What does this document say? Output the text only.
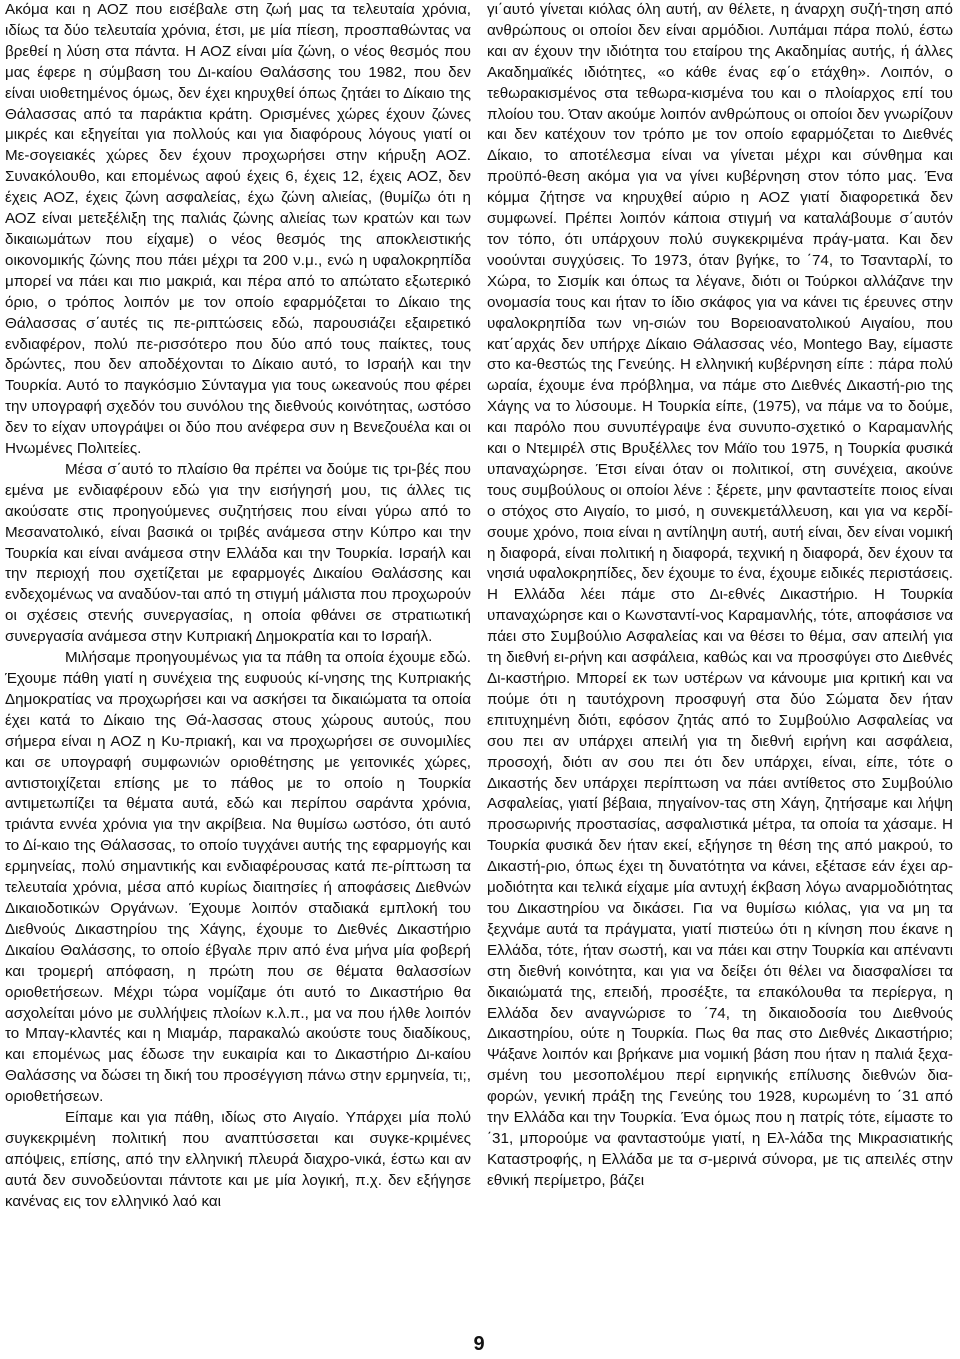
Ακόμα και η ΑΟΖ που εισέβαλε στη ζωή μας τα τελευταία χρόνια, ιδίως τα δύο τελευταία χρόνια, έτσι, με μία πίεση, προσπαθώντας να βρεθεί η λύση στα πάντα. Η ΑΟΖ είναι μία ζώνη, ο νέος θεσμός που μας έφερε η σύμβαση του Δι-καίου Θαλάσσης του 1982, που δεν είναι υιοθετημένος όμως, δεν έχει κηρυχθεί όπως ζητάει το Δίκαιο της Θάλασσας από τα παράκτια κράτη. Ορισμένες χώρες έχουν ζώνες μικρές και εξηγείται για πολλούς και για διαφόρους λόγους γιατί οι Με-σογειακές χώρες δεν έχουν προχωρήσει στην κήρυξη ΑΟΖ. Συνακόλουθο, και επομένως αφού έχεις 6, έχεις 12, έχεις ΑΟΖ, δεν έχεις ΑΟΖ, έχεις ζώνη ασφαλείας, έχω ζώνη αλιείας, (θυμίζω ότι η ΑΟΖ είναι μετεξέλιξη της παλιάς ζώνης αλιείας των κρατών και των δικαιωμάτων που είχαμε) ο νέος θεσμός της αποκλειστικής οικονομικής ζώνης που πάει μέχρι τα 200 ν.μ., ενώ η υφαλοκρηπίδα μπορεί να πάει και πιο μακριά, και πέρα από το απώτατο εξωτερικό όριο, ο τρόπος λοιπόν με τον οποίο εφαρμόζεται το Δίκαιο της Θάλασσας σ΄αυτές τις πε-ριπτώσεις εδώ, παρουσιάζει εξαιρετικό ενδιαφέρον, πολύ πε-ρισσότερο που δύο από τους παίκτες, τους δρώντες, που δεν αποδέχονται το Δίκαιο αυτό, το Ισραήλ και την Τουρκία. Αυτό το παγκόσμιο Σύνταγμα για τους ωκεανούς που φέρει την υπογραφή σχεδόν του συνόλου της διεθνούς κοινότητας, ωστόσο δεν το είχαν υπογράψει οι δύο που ανέφερα συν η Βενεζουέλα και οι Ηνωμένες Πολιτείες.

Μέσα σ΄αυτό το πλαίσιο θα πρέπει να δούμε τις τρι-βές που εμένα με ενδιαφέρουν εδώ για την εισήγησή μου, τις άλλες τις ακούσατε στις προηγούμενες συζητήσεις που είναι γύρω από το Μεσανατολικό, είναι βασικά οι τριβές ανάμεσα στην Κύπρο και την Τουρκία και είναι ανάμεσα στην Ελλάδα και την Τουρκία. Ισραήλ και την περιοχή που σχετίζεται με εφαρμογές Δικαίου Θαλάσσης και ενδεχομένως να αναδύον-ται από τη στιγμή μάλιστα που προχωρούν οι σχέσεις στενής συνεργασίας, η οποία φθάνει σε στρατιωτική συνεργασία ανάμεσα στην Κυπριακή Δημοκρατία και το Ισραήλ.

Μιλήσαμε προηγουμένως για τα πάθη τα οποία έχουμε εδώ. Έχουμε πάθη γιατί η συνέχεια της ευφυούς κί-νησης της Κυπριακής Δημοκρατίας να προχωρήσει και να ασκήσει τα δικαιώματα τα οποία έχει κατά το Δίκαιο της Θά-λασσας στους χώρους αυτούς, που σήμερα είναι η ΑΟΖ η Κυ-πριακή, και να προχωρήσει σε συνομιλίες και σε υπογραφή συμφωνιών οριοθέτησης με γειτονικές χώρες, αντιστοιχίζεται επίσης με το πάθος με το οποίο η Τουρκία αντιμετωπίζει τα θέματα αυτά, εδώ και περίπου σαράντα χρόνια, τριάντα εννέα χρόνια για την ακρίβεια. Να θυμίσω ωστόσο, ότι αυτό το Δί-καιο της Θάλασσας, το οποίο τυγχάνει αυτής της εφαρμογής και ερμηνείας, πολύ σημαντικής και ενδιαφέρουσας κατά πε-ρίπτωση τα τελευταία χρόνια, μέσα από κυρίως διαιτησίες ή αποφάσεις Διεθνών Δικαιοδοτικών Οργάνων. Έχουμε λοιπόν σταδιακά εμπλοκή του Διεθνούς Δικαστηρίου της Χάγης, έχουμε το Διεθνές Δικαστήριο Δικαίου Θαλάσσης, το οποίο έβγαλε πριν από ένα μήνα μία φοβερή και τρομερή απόφαση, η πρώτη που σε θέματα θαλασσίων οριοθετήσεων. Μέχρι τώρα νομίζαμε ότι αυτό το Δικαστήριο θα ασχολείται μόνο με συλλήψεις πλοίων κ.λ.π., μα να που ήλθε λοιπόν το Μπαγ-κλαντές και η Μιαμάρ, παρακαλώ ακούστε τους διαδίκους, και επομένως μας έδωσε την ευκαιρία και το Δικαστήριο Δι-καίου Θαλάσσης να δώσει τη δική του προσέγγιση πάνω στην ερμηνεία, τι;, οριοθετήσεων.

Είπαμε και για πάθη, ιδίως στο Αιγαίο. Υπάρχει μία πολύ συγκεκριμένη πολιτική που αναπτύσσεται και συγκε-κριμένες απόψεις, επίσης, από την ελληνική πλευρά διαχρο-νικά, έστω και αν αυτά δεν συνοδεύονται πάντοτε και με μία λογική, π.χ. δεν εξήγησε κανένας εις τον ελληνικό λαό και

γι΄αυτό γίνεται κιόλας όλη αυτή, αν θέλετε, η άναρχη συζή-τηση από ανθρώπους οι οποίοι δεν είναι αρμόδιοι. Λυπάμαι πάρα πολύ, έστω και αν έχουν την ιδιότητα του εταίρου της Ακαδημίας αυτής, ή άλλες Ακαδημαϊκές ιδιότητες, «ο κάθε ένας εφ΄ο ετάχθη». Λοιπόν, ο τεθωρακισμένος στα τεθωρα-κισμένα του και ο πλοίαρχος επί του πλοίου του. Όταν ακούμε λοιπόν ανθρώπους οι οποίοι δεν γνωρίζουν και δεν κατέχουν τον τρόπο με τον οποίο εφαρμόζεται το Διεθνές Δίκαιο, το αποτέλεσμα είναι να γίνεται μέχρι και σύνθημα και προϋπό-θεση ακόμα για να γίνει κυβέρνηση στον τόπο μας. Ένα κόμμα ζήτησε να κηρυχθεί αύριο η ΑΟΖ γιατί διαφορετικά δεν συμφωνεί. Πρέπει λοιπόν κάποια στιγμή να καταλάβουμε σ΄αυτόν τον τόπο, ότι υπάρχουν πολύ συγκεκριμένα πράγ-ματα. Και δεν νοούνται συγχύσεις. Το 1973, όταν βγήκε, το ΄74, το Τσανταρλί, το Χώρα, το Σισμίκ και όπως τα λέγανε, διότι οι Τούρκοι αλλάζανε την ονομασία τους και ήταν το ίδιο σκάφος για να κάνει τις έρευνες στην υφαλοκρηπίδα των νη-σιών του Βορειοανατολικού Αιγαίου, που κατ΄αρχάς δεν υπήρχε Δίκαιο Θάλασσας νέο, Montego Bay, είμαστε στο κα-θεστώς της Γενεύης. Η ελληνική κυβέρνηση είπε : πάρα πολύ ωραία, έχουμε ένα πρόβλημα, να πάμε στο Διεθνές Δικαστή-ριο της Χάγης να το λύσουμε. Η Τουρκία είπε, (1975), να πάμε να το δούμε, και παρόλο που συνυπέγραψε ένα συνυπο-σχετικό ο Καραμανλής και ο Ντεμιρέλ στις Βρυξέλλες τον Μάϊο του 1975, η Τουρκία φυσικά υπαναχώρησε. Έτσι είναι όταν οι πολιτικοί, στη συνέχεια, ακούνε τους συμβούλους οι οποίοι λένε : ξέρετε, μην φανταστείτε ποιος είναι ο στόχος στο Αιγαίο, το μισό, η συνεκμετάλλευση, και για να κερδί-σουμε χρόνο, ποια είναι η αντίληψη αυτή, αυτή είναι, δεν είναι νομική η διαφορά, είναι πολιτική η διαφορά, τεχνική η διαφορά, δεν έχουν τα νησιά υφαλοκρηπίδες, δεν έχουμε το ένα, έχουμε ειδικές περιστάσεις. Η Ελλάδα λέει πάμε στο Δι-εθνές Δικαστήριο. Η Τουρκία υπαναχώρησε και ο Κωνσταντί-νος Καραμανλής, τότε, αποφάσισε να πάει στο Συμβούλιο Ασφαλείας και να θέσει το θέμα, σαν απειλή για τη διεθνή ει-ρήνη και ασφάλεια, καθώς και να προσφύγει στο Διεθνές Δι-καστήριο. Μπορεί εκ των υστέρων να κάνουμε μια κριτική και να πούμε ότι η ταυτόχρονη προσφυγή στα δύο Σώματα δεν ήταν επιτυχημένη διότι, εφόσον ζητάς από το Συμβούλιο Ασφαλείας να σου πει αν υπάρχει απειλή για τη διεθνή ειρήνη και ασφάλεια, προσοχή, διότι αν σου πει ότι δεν υπάρχει, είναι, είπε, τότε ο Δικαστής δεν υπάρχει περίπτωση να πάει αντίθετος στο Συμβούλιο Ασφαλείας, γιατί βέβαια, πηγαίνον-τας στη Χάγη, ζητήσαμε και λήψη προσωρινής προστασίας, ασφαλιστικά μέτρα, τα οποία τα χάσαμε. Η Τουρκία φυσικά δεν ήταν εκεί, εξήγησε τη θέση της από μακρού, το Δικαστή-ριο, όπως έχει τη δυνατότητα να κάνει, εξέτασε εάν έχει αρ-μοδιότητα και τελικά είχαμε μία αντυχή έκβαση λόγω αναρμοδιότητας του Δικαστηρίου να δικάσει. Για να θυμίσω κιόλας, για να μη τα ξεχνάμε αυτά τα πράγματα, γιατί πιστεύω ότι η κίνηση που έκανε η Ελλάδα, τότε, ήταν σωστή, και να πάει και στην Τουρκία και απέναντι στη διεθνή κοινότητα, και για να δείξει ότι θέλει να διασφαλίσει τα δικαιώματά της, επειδή, προσέξτε, τα επακόλουθα τα περίεργα, η Ελλάδα δεν αναγνώρισε το ΄74, τη δικαιοδοσία του Διεθνούς Δικαστηρίου, ούτε η Τουρκία. Πως θα πας στο Διεθνές Δικαστήριο; Ψάξανε λοιπόν και βρήκανε μια νομική βάση που ήταν η παλιά ξεχα-σμένη του μεσοπολέμου περί ειρηνικής επίλυσης διεθνών δια-φορών, γενική πράξη της Γενεύης του 1928, κυρωμένη το ΄31 από την Ελλάδα και την Τουρκία. Ένα όμως που η πατρίς τότε, είμαστε το ΄31, μπορούμε να φανταστούμε γιατί, η Ελ-λάδα της Μικρασιατικής Καταστροφής, η Ελλάδα με τα σ-μερινά σύνορα, με τις απειλές στην εθνική περίμετρο, βάζει

9
